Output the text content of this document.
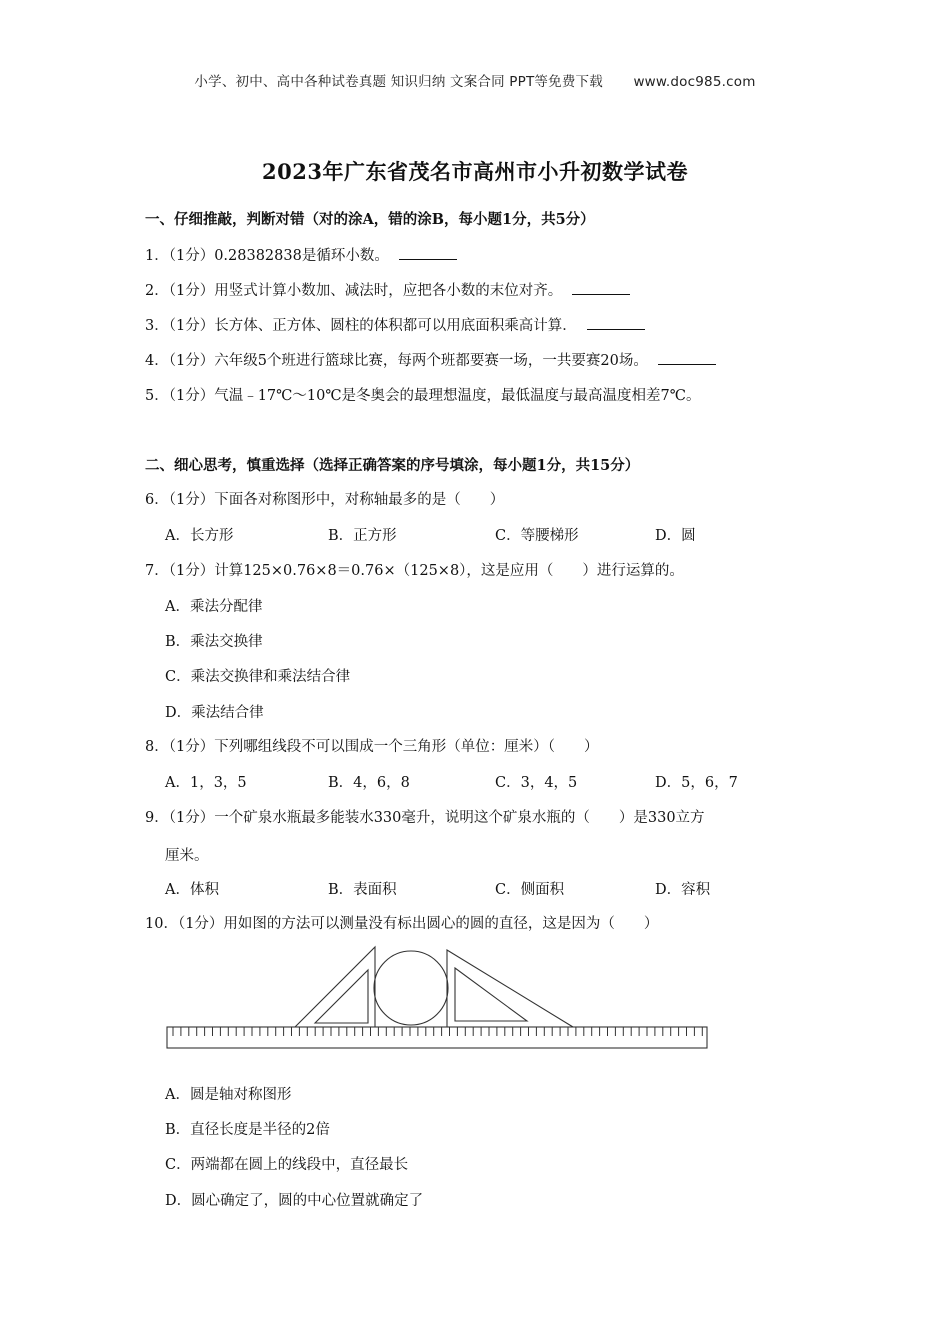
小学、初中、高中各种试卷真题 知识归纳 文案合同 PPT等免费下载 www.doc985.com
2023年广东省茂名市高州市小升初数学试卷
一、仔细推敲，判断对错（对的涂A，错的涂B，每小题1分，共5分）
1．（1分）0.28382838是循环小数。
2．（1分）用竖式计算小数加、减法时，应把各小数的末位对齐。
3．（1分）长方体、正方体、圆柱的体积都可以用底面积乘高计算．
4．（1分）六年级5个班进行篮球比赛，每两个班都要赛一场，一共要赛20场。
5．（1分）气温﹣17℃～10℃是冬奥会的最理想温度，最低温度与最高温度相差7℃。
二、细心思考，慎重选择（选择正确答案的序号填涂，每小题1分，共15分）
6．（1分）下面各对称图形中，对称轴最多的是（　　）
A．长方形	B．正方形	C．等腰梯形	D．圆
7．（1分）计算125×0.76×8＝0.76×（125×8），这是应用（　　）进行运算的。
A．乘法分配律
B．乘法交换律
C．乘法交换律和乘法结合律
D．乘法结合律
8．（1分）下列哪组线段不可以围成一个三角形（单位：厘米）（　　）
A．1，3，5	B．4，6，8	C．3，4，5	D．5，6，7
9．（1分）一个矿泉水瓶最多能装水330毫升，说明这个矿泉水瓶的（　　）是330立方
厘米。
A．体积	B．表面积	C．侧面积	D．容积
10．（1分）用如图的方法可以测量没有标出圆心的圆的直径，这是因为（　　）
A．圆是轴对称图形
B．直径长度是半径的2倍
C．两端都在圆上的线段中，直径最长
D．圆心确定了，圆的中心位置就确定了
